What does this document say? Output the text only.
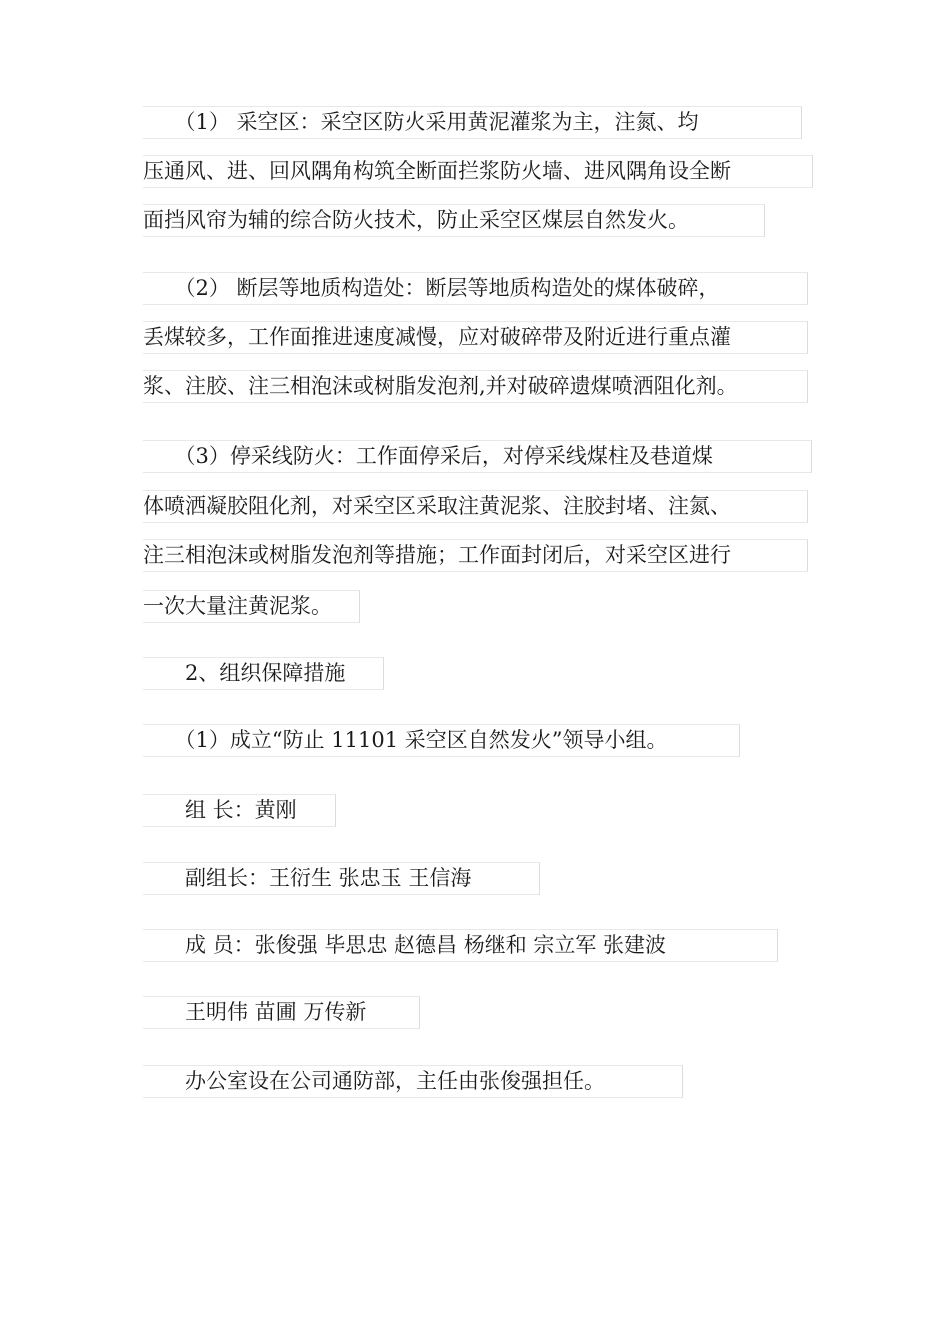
　　（1） 采空区：采空区防火采用黄泥灌浆为主，注氮、均
压通风、进、回风隅角构筑全断面拦浆防火墙、进风隅角设全断
面挡风帘为辅的综合防火技术，防止采空区煤层自然发火。
　　（2） 断层等地质构造处：断层等地质构造处的煤体破碎，
丢煤较多，工作面推进速度减慢，应对破碎带及附近进行重点灌
浆、注胶、注三相泡沫或树脂发泡剂,并对破碎遗煤喷洒阻化剂。
　　（3）停采线防火：工作面停采后，对停采线煤柱及巷道煤
体喷洒凝胶阻化剂，对采空区采取注黄泥浆、注胶封堵、注氮、
注三相泡沫或树脂发泡剂等措施；工作面封闭后，对采空区进行
一次大量注黄泥浆。
　　2、组织保障措施
　　（1）成立“防止 11101 采空区自然发火”领导小组。
　　组 长：黄刚
　　副组长：王衍生 张忠玉 王信海
　　成 员：张俊强 毕思忠 赵德昌 杨继和 宗立军 张建波
　　王明伟 苗圃 万传新
　　办公室设在公司通防部，主任由张俊强担任。
